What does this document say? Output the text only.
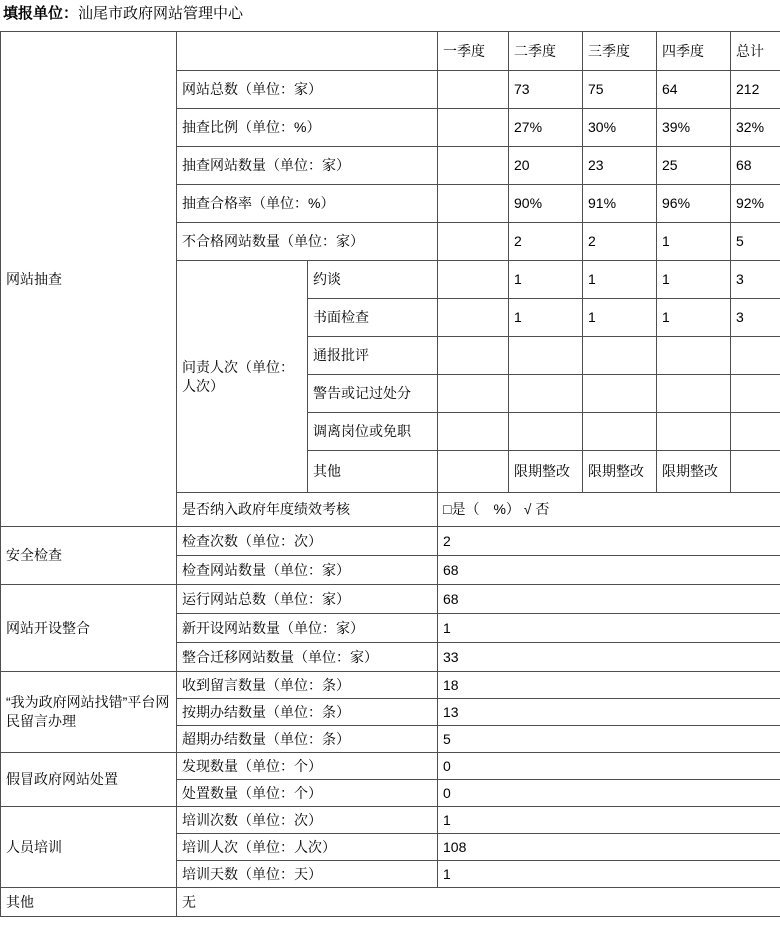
填报单位：汕尾市政府网站管理中心
网站抽查			一季度	二季度	三季度	四季度	总计
	网站总数（单位：家）			73	75	64	212
	抽查比例（单位：%）			27%	30%	39%	32%
	抽查网站数量（单位：家）			20	23	25	68
	抽查合格率（单位：%）			90%	91%	96%	92%
	不合格网站数量（单位：家）			2	2	1	5
	问责人次（单位：人次）	约谈		1	1	1	3
		书面检查		1	1	1	3
		通报批评					
		警告或记过处分					
		调离岗位或免职					
		其他		限期整改	限期整改	限期整改	
	是否纳入政府年度绩效考核		□是（　%） √ 否				
安全检查	检查次数（单位：次）		2				
	检查网站数量（单位：家）		68				
网站开设整合	运行网站总数（单位：家）		68				
	新开设网站数量（单位：家）		1				
	整合迁移网站数量（单位：家）		33				
“我为政府网站找错”平台网民留言办理	收到留言数量（单位：条）		18				
	按期办结数量（单位：条）		13				
	超期办结数量（单位：条）		5				
假冒政府网站处置	发现数量（单位：个）		0				
	处置数量（单位：个）		0				
人员培训	培训次数（单位：次）		1				
	培训人次（单位：人次）		108				
	培训天数（单位：天）		1				
其他	无						
